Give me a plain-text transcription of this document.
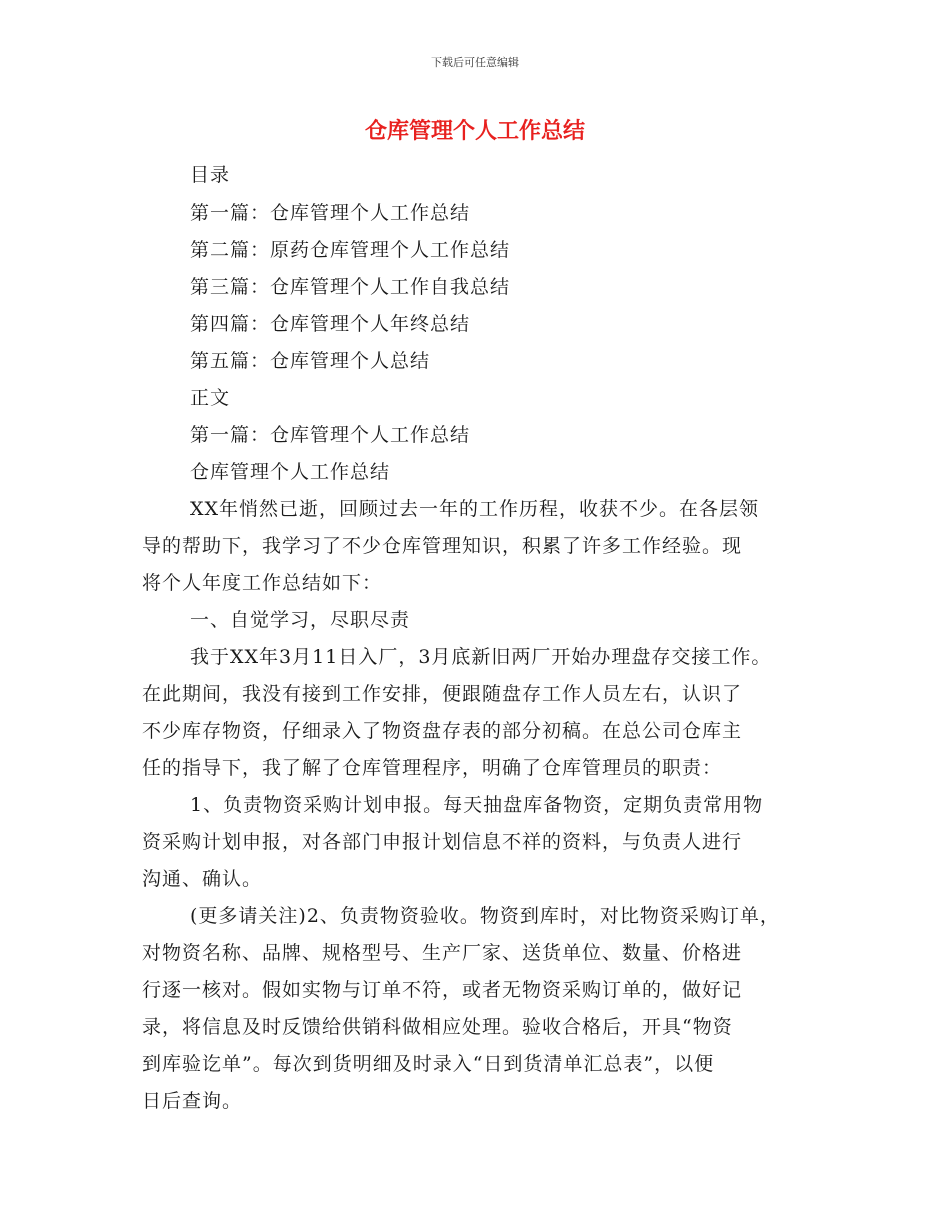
下载后可任意编辑
仓库管理个人工作总结
目录
第一篇：仓库管理个人工作总结
第二篇：原药仓库管理个人工作总结
第三篇：仓库管理个人工作自我总结
第四篇：仓库管理个人年终总结
第五篇：仓库管理个人总结
正文
第一篇：仓库管理个人工作总结
仓库管理个人工作总结
XX年悄然已逝，回顾过去一年的工作历程，收获不少。在各层领
导的帮助下，我学习了不少仓库管理知识，积累了许多工作经验。现
将个人年度工作总结如下：
一、自觉学习，尽职尽责
我于XX年3月11日入厂，3月底新旧两厂开始办理盘存交接工作。
在此期间，我没有接到工作安排，便跟随盘存工作人员左右，认识了
不少库存物资，仔细录入了物资盘存表的部分初稿。在总公司仓库主
任的指导下，我了解了仓库管理程序，明确了仓库管理员的职责：
1、负责物资采购计划申报。每天抽盘库备物资，定期负责常用物
资采购计划申报，对各部门申报计划信息不祥的资料，与负责人进行
沟通、确认。
(更多请关注)2、负责物资验收。物资到库时，对比物资采购订单，
对物资名称、品牌、规格型号、生产厂家、送货单位、数量、价格进
行逐一核对。假如实物与订单不符，或者无物资采购订单的，做好记
录，将信息及时反馈给供销科做相应处理。验收合格后，开具“物资
到库验讫单”。每次到货明细及时录入“日到货清单汇总表”，以便
日后查询。
